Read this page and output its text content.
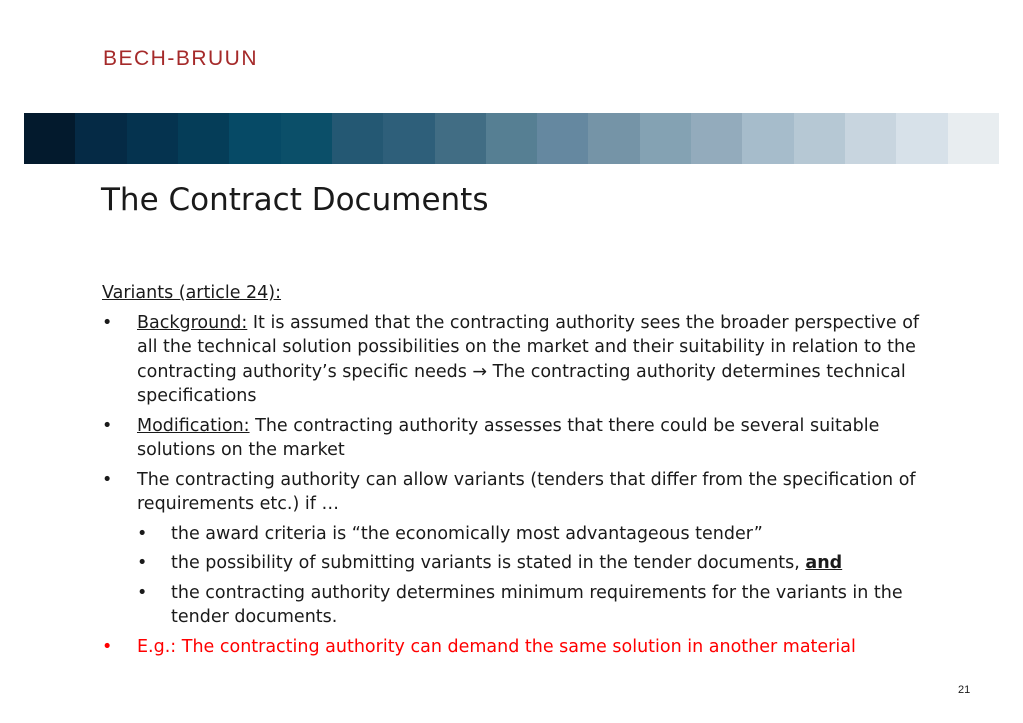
BECH-BRUUN
The Contract Documents

Variants (article 24):

• Background: It is assumed that the contracting authority sees the broader perspective of all the technical solution possibilities on the market and their suitability in relation to the contracting authority’s specific needs → The contracting authority determines technical specifications
• Modification: The contracting authority assesses that there could be several suitable solutions on the market
• The contracting authority can allow variants (tenders that differ from the specification of requirements etc.) if …
• the award criteria is “the economically most advantageous tender”
• the possibility of submitting variants is stated in the tender documents, and
• the contracting authority determines minimum requirements for the variants in the tender documents.
• E.g.: The contracting authority can demand the same solution in another material
21
